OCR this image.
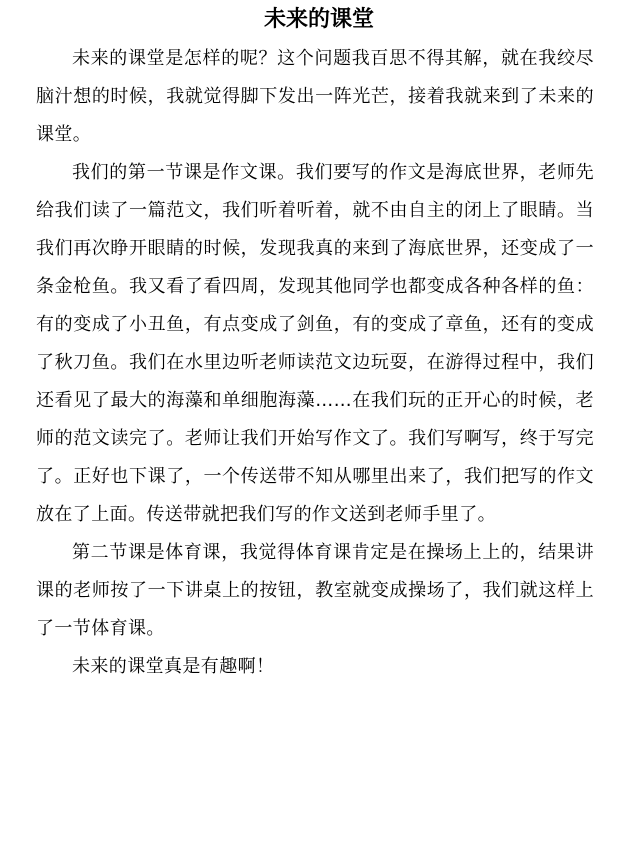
未来的课堂

未来的课堂是怎样的呢？这个问题我百思不得其解，就在我绞尽脑汁想的时候，我就觉得脚下发出一阵光芒，接着我就来到了未来的课堂。

我们的第一节课是作文课。我们要写的作文是海底世界，老师先给我们读了一篇范文，我们听着听着，就不由自主的闭上了眼睛。当我们再次睁开眼睛的时候，发现我真的来到了海底世界，还变成了一条金枪鱼。我又看了看四周，发现其他同学也都变成各种各样的鱼：有的变成了小丑鱼，有点变成了剑鱼，有的变成了章鱼，还有的变成了秋刀鱼。我们在水里边听老师读范文边玩耍，在游得过程中，我们还看见了最大的海藻和单细胞海藻……在我们玩的正开心的时候，老师的范文读完了。老师让我们开始写作文了。我们写啊写，终于写完了。正好也下课了，一个传送带不知从哪里出来了，我们把写的作文放在了上面。传送带就把我们写的作文送到老师手里了。

第二节课是体育课，我觉得体育课肯定是在操场上上的，结果讲课的老师按了一下讲桌上的按钮，教室就变成操场了，我们就这样上了一节体育课。

未来的课堂真是有趣啊！
